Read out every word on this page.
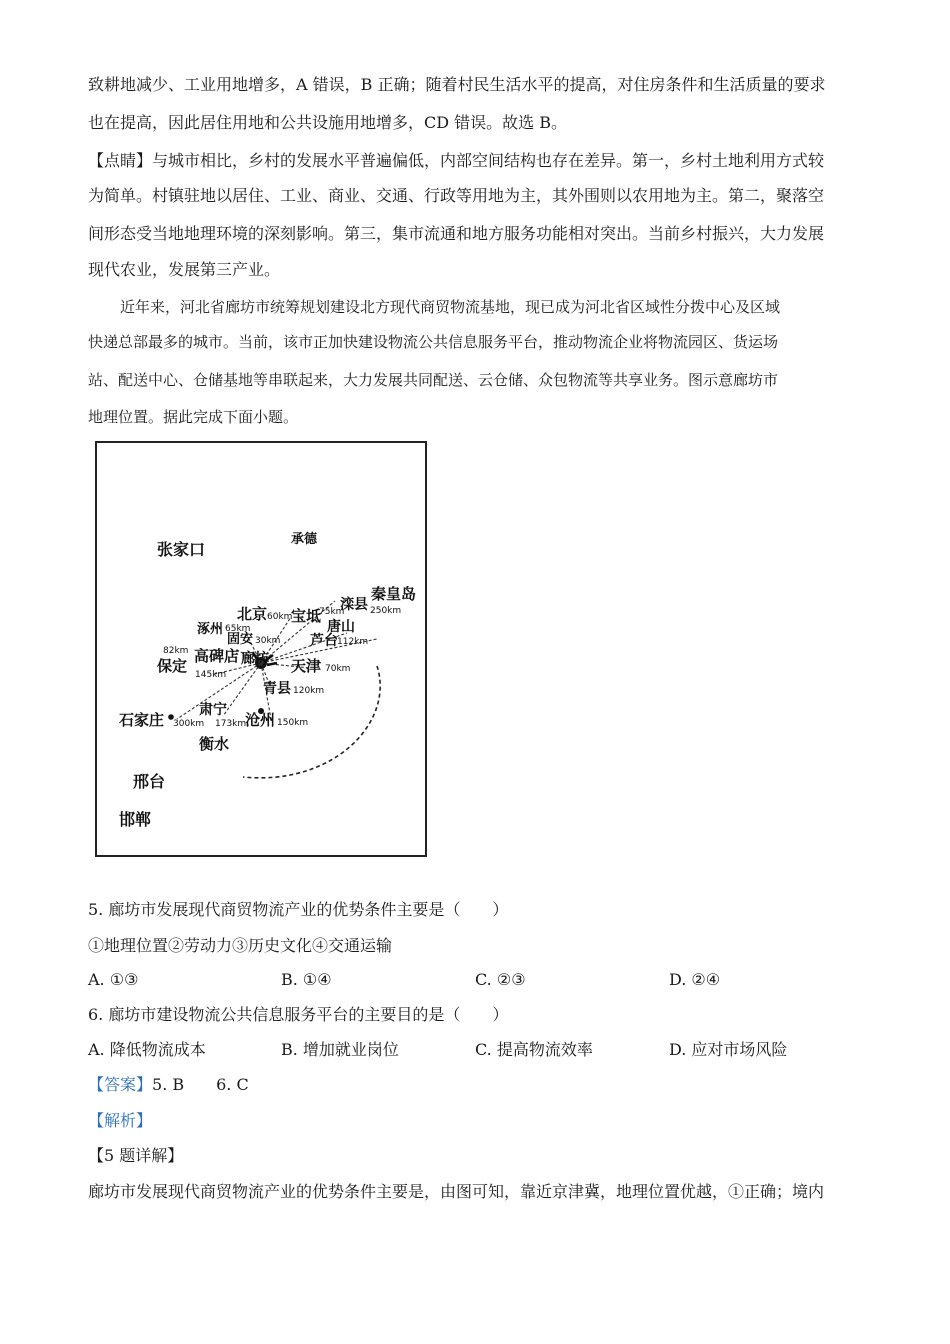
致耕地减少、工业用地增多，A 错误，B 正确；随着村民生活水平的提高，对住房条件和生活质量的要求
也在提高，因此居住用地和公共设施用地增多，CD 错误。故选 B。
【点睛】与城市相比，乡村的发展水平普遍偏低，内部空间结构也存在差异。第一，乡村土地利用方式较
为简单。村镇驻地以居住、工业、商业、交通、行政等用地为主，其外围则以农用地为主。第二，聚落空
间形态受当地地理环境的深刻影响。第三，集市流通和地方服务功能相对突出。当前乡村振兴，大力发展
现代农业，发展第三产业。
近年来，河北省廊坊市统筹规划建设北方现代商贸物流基地，现已成为河北省区域性分拨中心及区域
快递总部最多的城市。当前，该市正加快建设物流公共信息服务平台，推动物流企业将物流园区、货运场
站、配送中心、仓储基地等串联起来，大力发展共同配送、云仓储、众包物流等共享业务。图示意廊坊市
地理位置。据此完成下面小题。
张家口
承德
秦皇岛
滦县 250km
北京 60km
宝坻
75km
唐山
涿州 65km
固安 30km 芦台 112km
82km 高碑店 廊坊
保定	天津 70km
145km
青县 120km
肃宁
石家庄 300km 173km
沧州 150km
衡水
邢台
邯郸
5. 廊坊市发展现代商贸物流产业的优势条件主要是（　　）
①地理位置②劳动力③历史文化④交通运输
A. ①③	B. ①④	C. ②③	D. ②④
6. 廊坊市建设物流公共信息服务平台的主要目的是（　　）
A. 降低物流成本	B. 增加就业岗位	C. 提高物流效率	D. 应对市场风险
【答案】5. B　　6. C
【解析】
【5 题详解】
廊坊市发展现代商贸物流产业的优势条件主要是，由图可知，靠近京津冀，地理位置优越，①正确；境内
